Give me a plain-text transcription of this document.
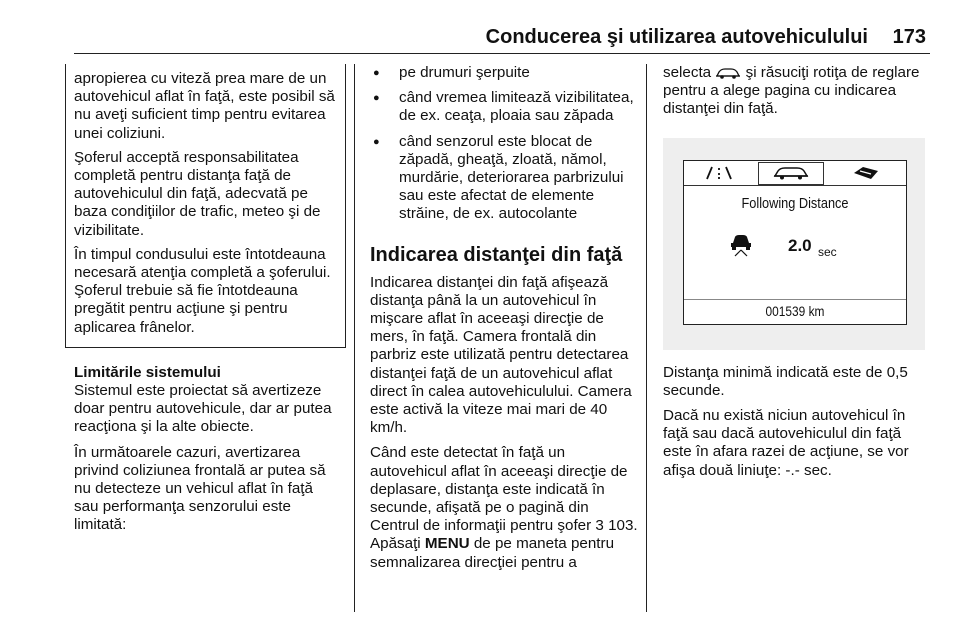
Conducerea şi utilizarea autovehiculului 173

apropierea cu viteză prea mare de un autovehicul aflat în faţă, este posibil să nu aveţi suficient timp pentru evitarea unei coliziuni.

Şoferul acceptă responsabilitatea completă pentru distanţa faţă de autovehiculul din faţă, adecvată pe baza condiţiilor de trafic, meteo şi de vizibilitate.

În timpul condusului este întotdeauna necesară atenţia completă a şoferului. Şoferul trebuie să fie întotdeauna pregătit pentru acţiune şi pentru aplicarea frânelor.

Limitările sistemului

Sistemul este proiectat să avertizeze doar pentru autovehicule, dar ar putea reacţiona şi la alte obiecte.

În următoarele cazuri, avertizarea privind coliziunea frontală ar putea să nu detecteze un vehicul aflat în faţă sau performanţa senzorului este limitată:

● pe drumuri şerpuite
● când vremea limitează vizibilitatea, de ex. ceaţa, ploaia sau zăpada
● când senzorul este blocat de zăpadă, gheaţă, zloată, nămol, murdărie, deteriorarea parbrizului sau este afectat de elemente străine, de ex. autocolante
Indicarea distanţei din faţă

Indicarea distanţei din faţă afişează distanţa până la un autovehicul în mişcare aflat în aceeaşi direcţie de mers, în faţă. Camera frontală din parbriz este utilizată pentru detectarea distanţei faţă de un autovehicul aflat direct în calea autovehiculului. Camera este activă la viteze mai mari de 40 km/h.

Când este detectat în faţă un autovehicul aflat în aceeaşi direcţie de deplasare, distanţa este indicată în secunde, afişată pe o pagină din Centrul de informaţii pentru şofer 3 103. Apăsaţi MENU de pe maneta pentru semnalizarea direcţiei pentru a

selecta şi răsuciţi rotiţa de reglare pentru a alege pagina cu indicarea distanţei din faţă.

Following Distance
2.0 sec
001539 km

Distanţa minimă indicată este de 0,5 secunde.

Dacă nu există niciun autovehicul în faţă sau dacă autovehiculul din faţă este în afara razei de acţiune, se vor afişa două liniuţe: -.- sec.
